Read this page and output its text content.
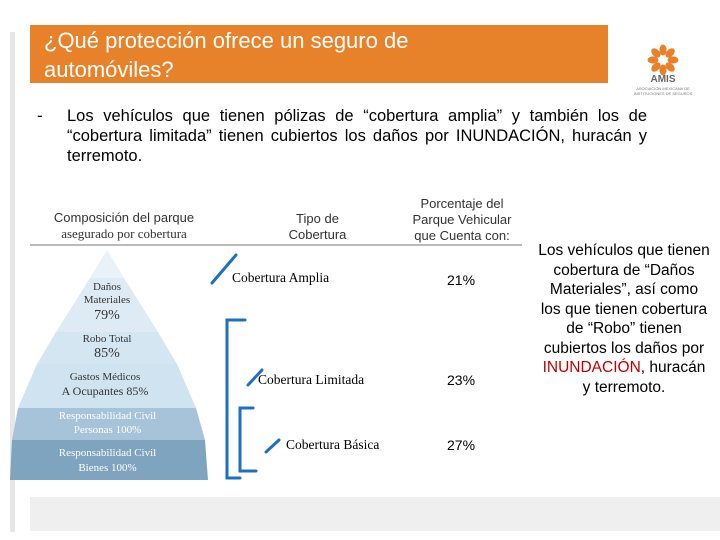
¿Qué protección ofrece un seguro de
automóviles?	AMIS
ASOCIACIÓN MEXICANA DE INSTITUCIONES DE SEGUROS
- Los vehículos que tienen pólizas de “cobertura amplia” y también los de “cobertura limitada” tienen cubiertos los daños por INUNDACIÓN, huracán y terremoto.
Composición del parque
asegurado por cobertura
Daños
Materiales
79%
Robo Total
85%
Gastos Médicos
A Ocupantes 85%
Responsabilidad Civil
Personas 100%
Responsabilidad Civil
Bienes 100%
Tipo de
Cobertura
Porcentaje del
Parque Vehicular
que Cuenta con:
Cobertura Amplia	21%
Cobertura Limitada	23%
Cobertura Básica	27%
Los vehículos que tienen cobertura de “Daños Materiales”, así como los que tienen cobertura de “Robo” tienen cubiertos los daños por INUNDACIÓN, huracán y terremoto.
